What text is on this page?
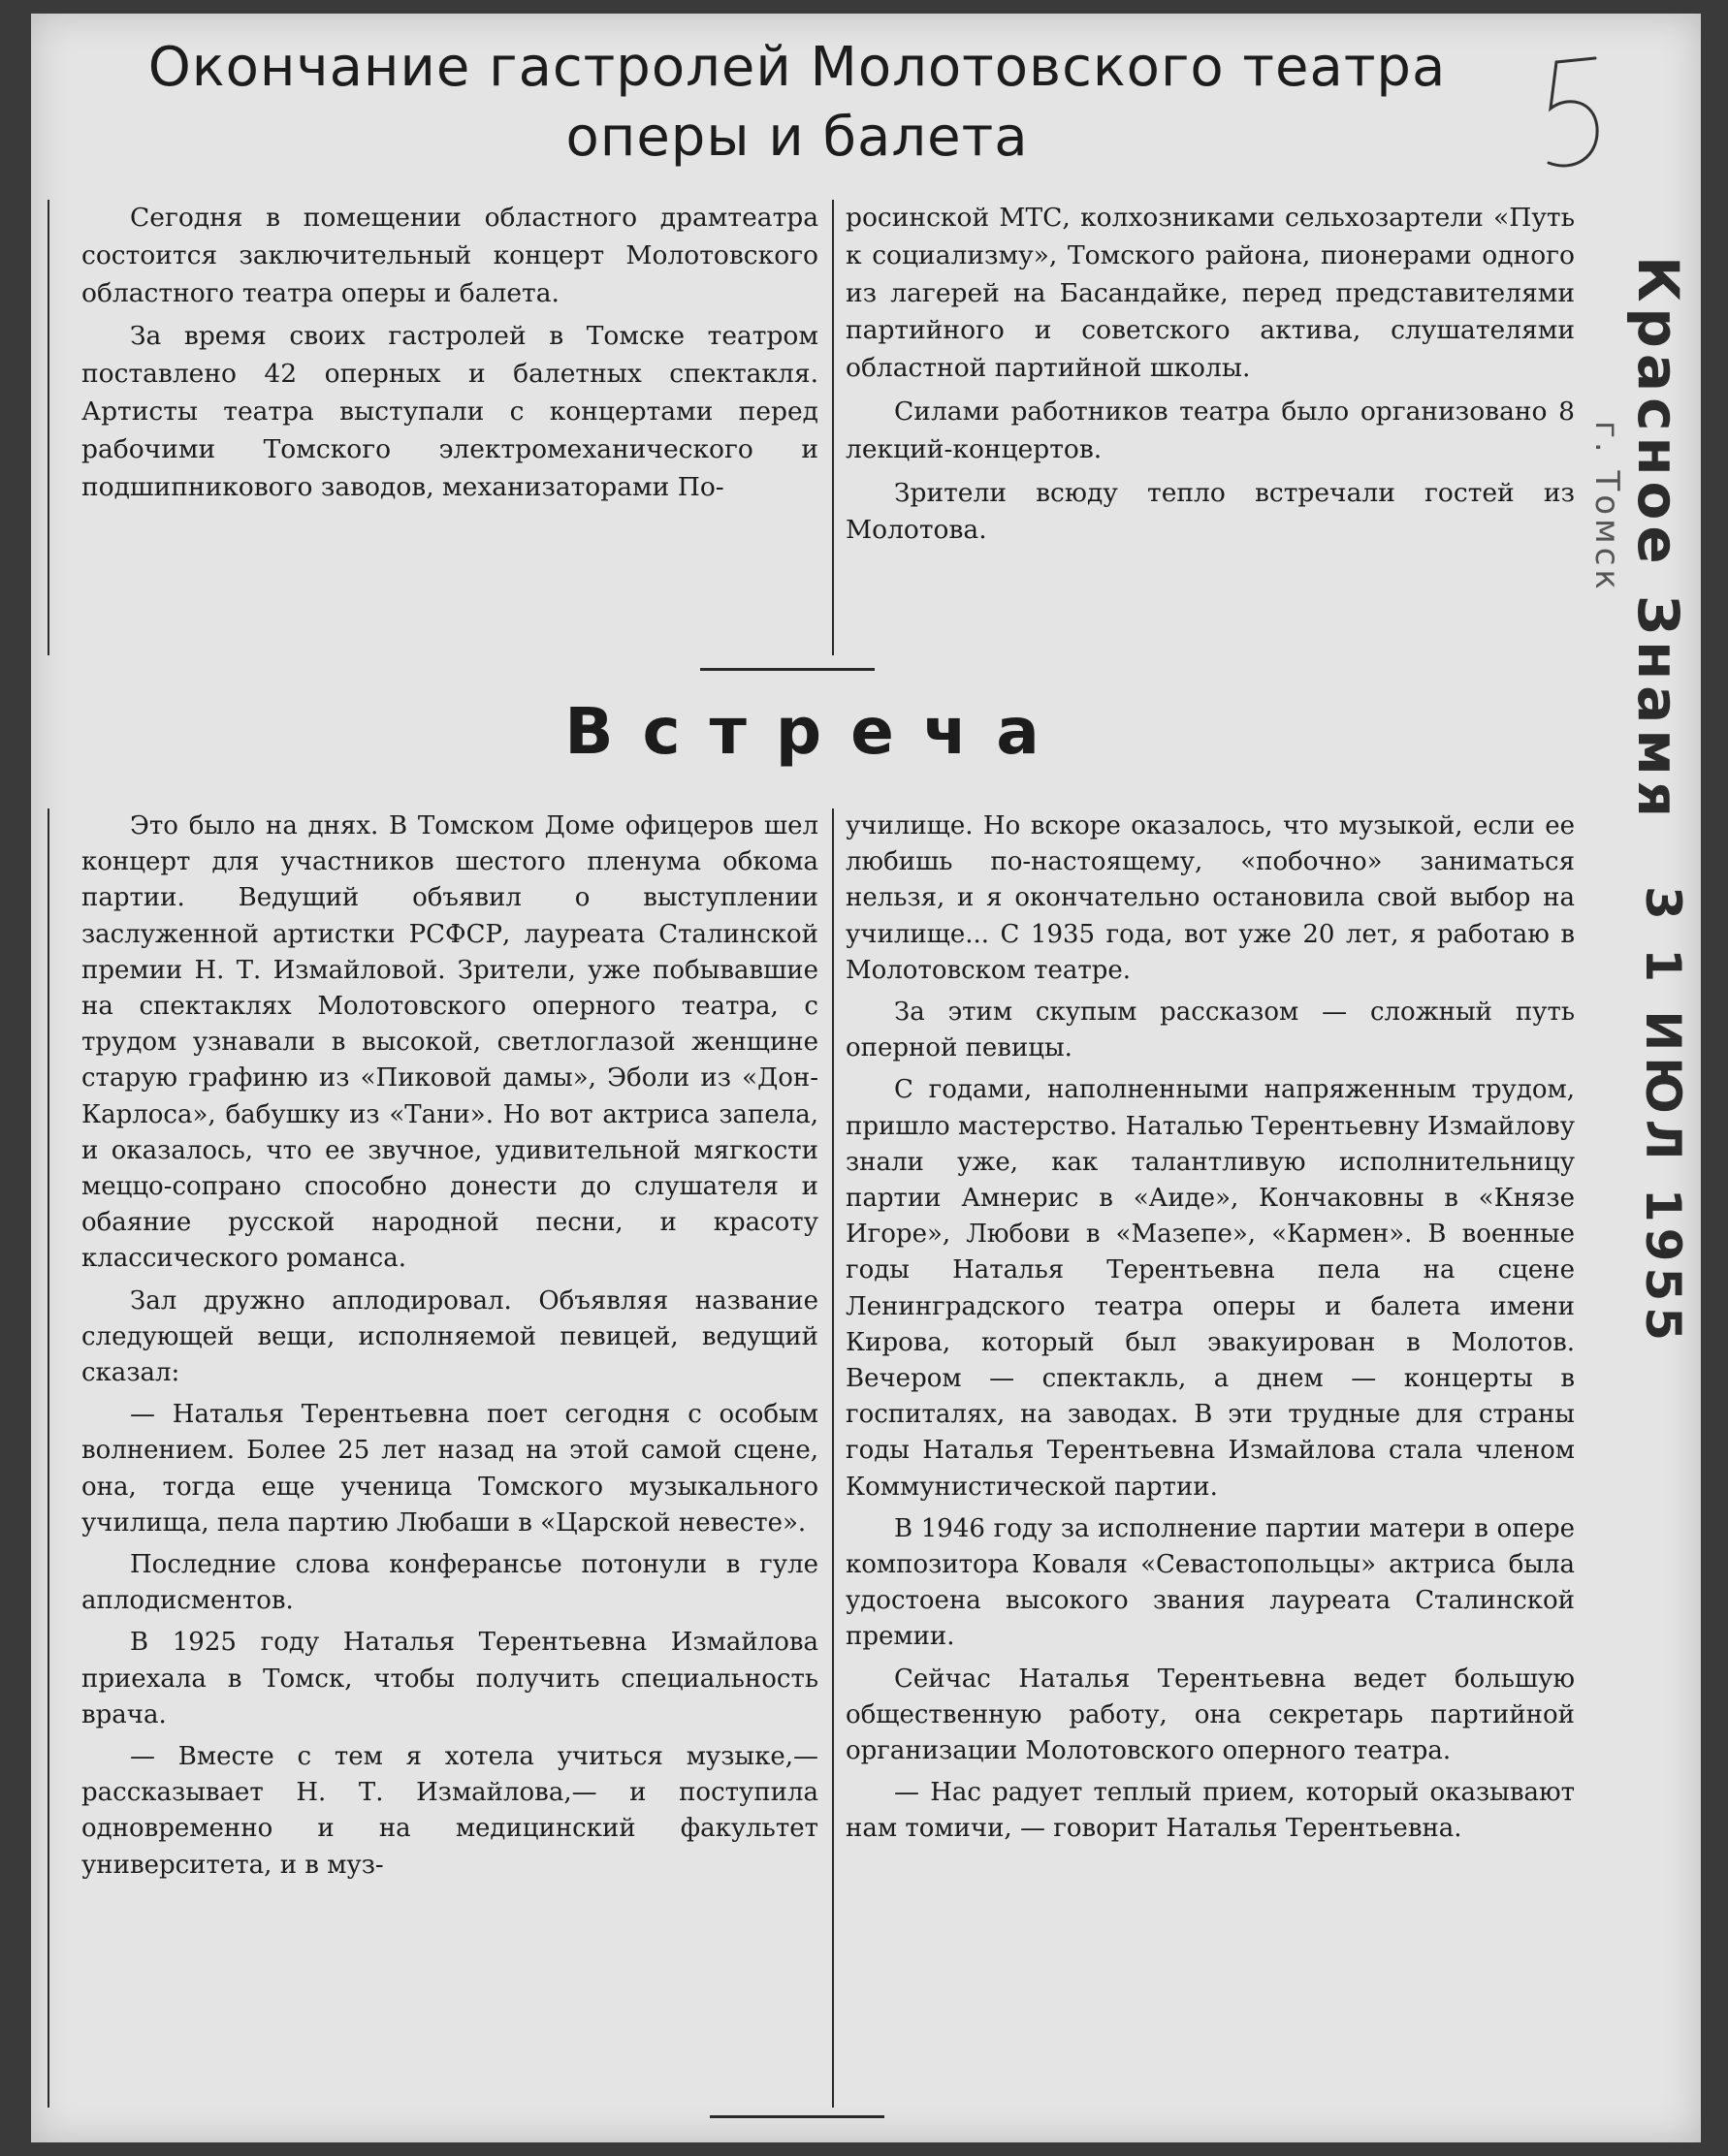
Окончание гастролей Молотовского театра оперы и балета

Сегодня в помещении областного драмтеатра состоится заключительный концерт Молотовского областного театра оперы и балета.

За время своих гастролей в Томске театром поставлено 42 оперных и балетных спектакля. Артисты театра выступали с концертами перед рабочими Томского электромеханического и подшипникового заводов, механизаторами По-

росинской МТС, колхозниками сельхозартели «Путь к социализму», Томского района, пионерами одного из лагерей на Басандайке, перед представителями партийного и советского актива, слушателями областной партийной школы.

Силами работников театра было организовано 8 лекций-концертов.

Зрители всюду тепло встречали гостей из Молотова.

Встреча

Это было на днях. В Томском Доме офицеров шел концерт для участников шестого пленума обкома партии. Ведущий объявил о выступлении заслуженной артистки РСФСР, лауреата Сталинской премии Н. Т. Измайловой. Зрители, уже побывавшие на спектаклях Молотовского оперного театра, с трудом узнавали в высокой, светлоглазой женщине старую графиню из «Пиковой дамы», Эболи из «Дон-Карлоса», бабушку из «Тани». Но вот актриса запела, и оказалось, что ее звучное, удивительной мягкости меццо-сопрано способно донести до слушателя и обаяние русской народной песни, и красоту классического романса.

Зал дружно аплодировал. Объявляя название следующей вещи, исполняемой певицей, ведущий сказал:

— Наталья Терентьевна поет сегодня с особым волнением. Более 25 лет назад на этой самой сцене, она, тогда еще ученица Томского музыкального училища, пела партию Любаши в «Царской невесте».

Последние слова конферансье потонули в гуле аплодисментов.

В 1925 году Наталья Терентьевна Измайлова приехала в Томск, чтобы получить специальность врача.

— Вместе с тем я хотела учиться музыке,— рассказывает Н. Т. Измайлова,— и поступила одновременно и на медицинский факультет университета, и в муз-

училище. Но вскоре оказалось, что музыкой, если ее любишь по-настоящему, «побочно» заниматься нельзя, и я окончательно остановила свой выбор на училище... С 1935 года, вот уже 20 лет, я работаю в Молотовском театре.

За этим скупым рассказом — сложный путь оперной певицы.

С годами, наполненными напряженным трудом, пришло мастерство. Наталью Терентьевну Измайлову знали уже, как талантливую исполнительницу партии Амнерис в «Аиде», Кончаковны в «Князе Игоре», Любови в «Мазепе», «Кармен». В военные годы Наталья Терентьевна пела на сцене Ленинградского театра оперы и балета имени Кирова, который был эвакуирован в Молотов. Вечером — спектакль, а днем — концерты в госпиталях, на заводах. В эти трудные для страны годы Наталья Терентьевна Измайлова стала членом Коммунистической партии.

В 1946 году за исполнение партии матери в опере композитора Коваля «Севастопольцы» актриса была удостоена высокого звания лауреата Сталинской премии.

Сейчас Наталья Терентьевна ведет большую общественную работу, она секретарь партийной организации Молотовского оперного театра.

— Нас радует теплый прием, который оказывают нам томичи, — говорит Наталья Терентьевна.

Красное Знамя
г. Томск
3 1 ИЮЛ 1955
